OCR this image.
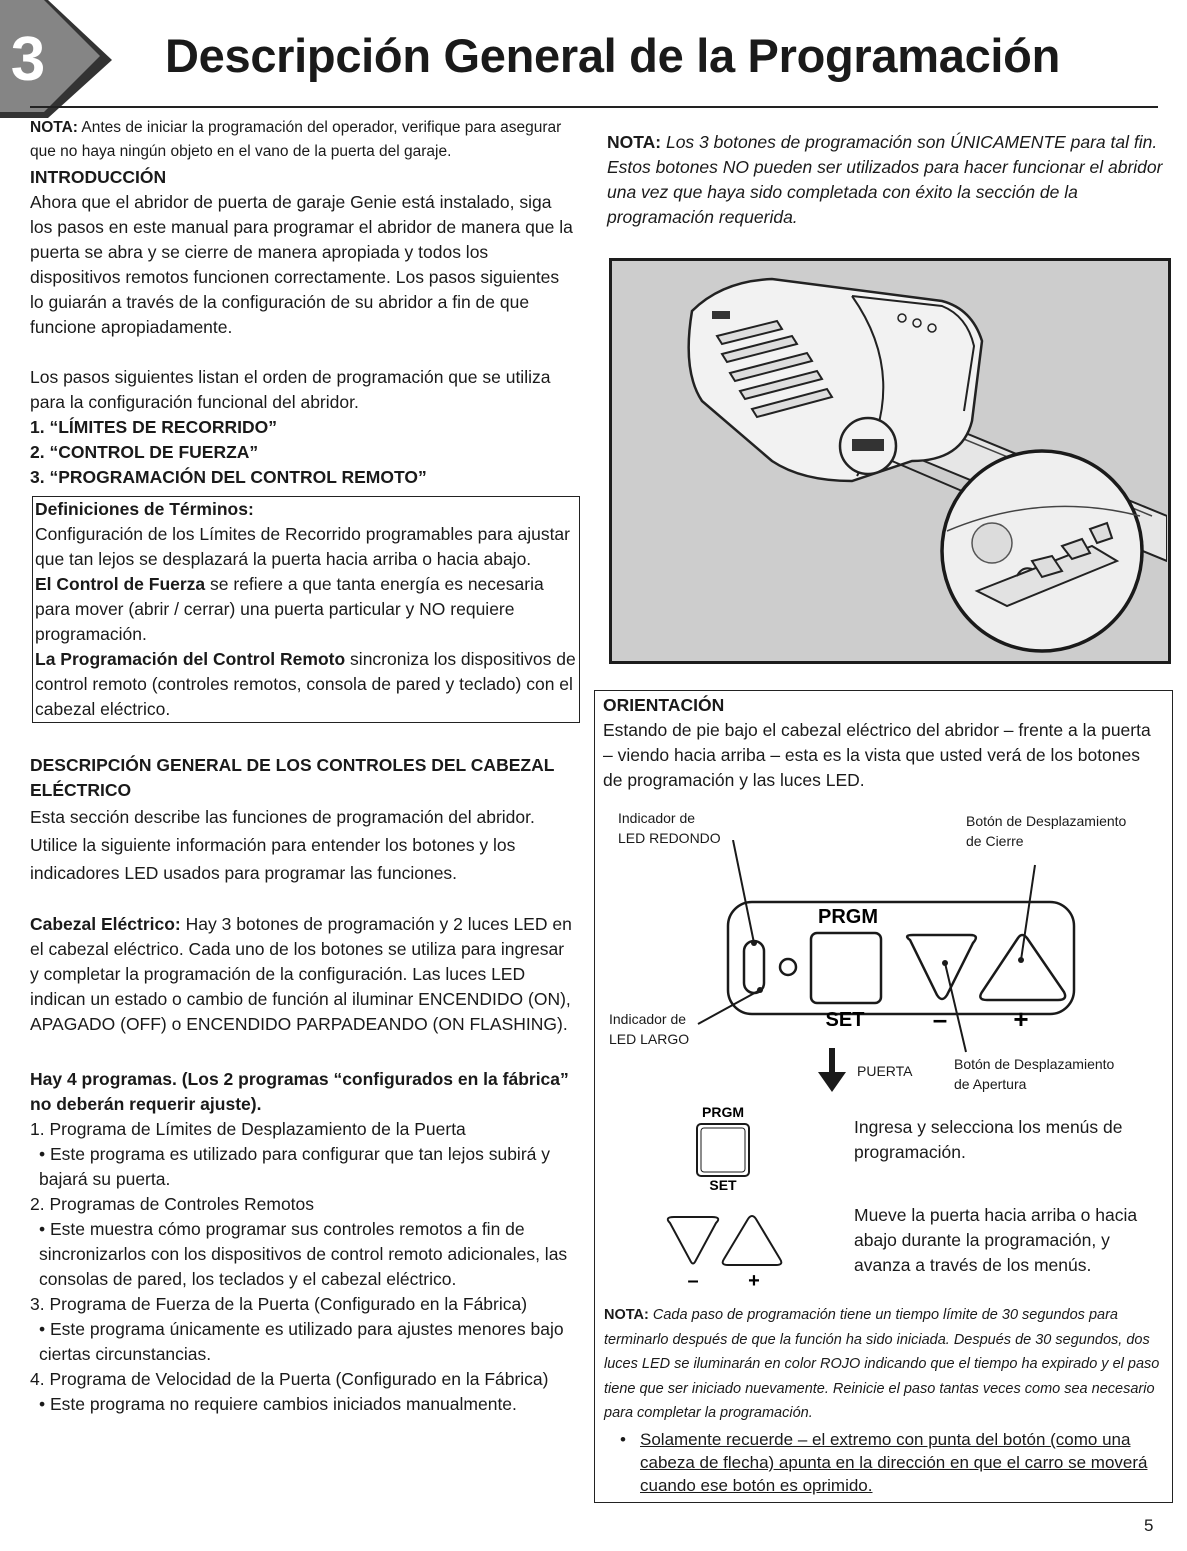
3	Descripción General de la Programación

NOTA: Antes de iniciar la programación del operador, verifique para asegurar que no haya ningún objeto en el vano de la puerta del garaje.

INTRODUCCIÓN

Ahora que el abridor de puerta de garaje Genie está instalado, siga los pasos en este manual para programar el abridor de manera que la puerta se abra y se cierre de manera apropiada y todos los dispositivos remotos funcionen correctamente. Los pasos siguientes lo guiarán a través de la configuración de su abridor a fin de que funcione apropiadamente.

Los pasos siguientes listan el orden de programación que se utiliza para la configuración funcional del abridor.

1. “LÍMITES DE RECORRIDO”

2. “CONTROL DE FUERZA”

3. “PROGRAMACIÓN DEL CONTROL REMOTO”

Definiciones de Términos:

Configuración de los Límites de Recorrido programables para ajustar que tan lejos se desplazará la puerta hacia arriba o hacia abajo.

El Control de Fuerza se refiere a que tanta energía es necesaria para mover (abrir / cerrar) una puerta particular y NO requiere programación.

La Programación del Control Remoto sincroniza los dispositivos de control remoto (controles remotos, consola de pared y teclado) con el cabezal eléctrico.

DESCRIPCIÓN GENERAL DE LOS CONTROLES DEL CABEZAL ELÉCTRICO

Esta sección describe las funciones de programación del abridor. Utilice la siguiente información para entender los botones y los indicadores LED usados para programar las funciones.

Cabezal Eléctrico: Hay 3 botones de programación y 2 luces LED en el cabezal eléctrico. Cada uno de los botones se utiliza para ingresar y completar la programación de la configuración. Las luces LED indican un estado o cambio de función al iluminar ENCENDIDO (ON), APAGADO (OFF) o ENCENDIDO PARPADEANDO (ON FLASHING).

Hay 4 programas. (Los 2 programas “configurados en la fábrica” no deberán requerir ajuste).

1. Programa de Límites de Desplazamiento de la Puerta

• Este programa es utilizado para configurar que tan lejos subirá y bajará su puerta.

2. Programas de Controles Remotos

• Este muestra cómo programar sus controles remotos a fin de sincronizarlos con los dispositivos de control remoto adicionales, las consolas de pared, los teclados y el cabezal eléctrico.

3. Programa de Fuerza de la Puerta (Configurado en la Fábrica)

• Este programa únicamente es utilizado para ajustes menores bajo ciertas circunstancias.

4. Programa de Velocidad de la Puerta (Configurado en la Fábrica)

• Este programa no requiere cambios iniciados manualmente.

NOTA: Los 3 botones de programación son ÚNICAMENTE para tal fin. Estos botones NO pueden ser utilizados para hacer funcionar el abridor una vez que haya sido completada con éxito la sección de la programación requerida.
ORIENTACIÓN
Estando de pie bajo el cabezal eléctrico del abridor – frente a la puerta – viendo hacia arriba – esta es la vista que usted verá de los botones de programación y las luces LED.
Indicador de
LED REDONDO
Botón de Desplazamiento
de Cierre
Indicador de
LED LARGO
PUERTA	Botón de Desplazamiento
de Apertura
PRGM
SET	–	+
PRGM
SET
Ingresa y selecciona los menús de programación.
– +
Mueve la puerta hacia arriba o hacia abajo durante la programación, y avanza a través de los menús.
NOTA: Cada paso de programación tiene un tiempo límite de 30 segundos para terminarlo después de que la función ha sido iniciada. Después de 30 segundos, dos luces LED se iluminarán en color ROJO indicando que el tiempo ha expirado y el paso tiene que ser iniciado nuevamente. Reinicie el paso tantas veces como sea necesario para completar la programación.
• Solamente recuerde – el extremo con punta del botón (como una cabeza de flecha) apunta en la dirección en que el carro se moverá cuando ese botón es oprimido.
5
